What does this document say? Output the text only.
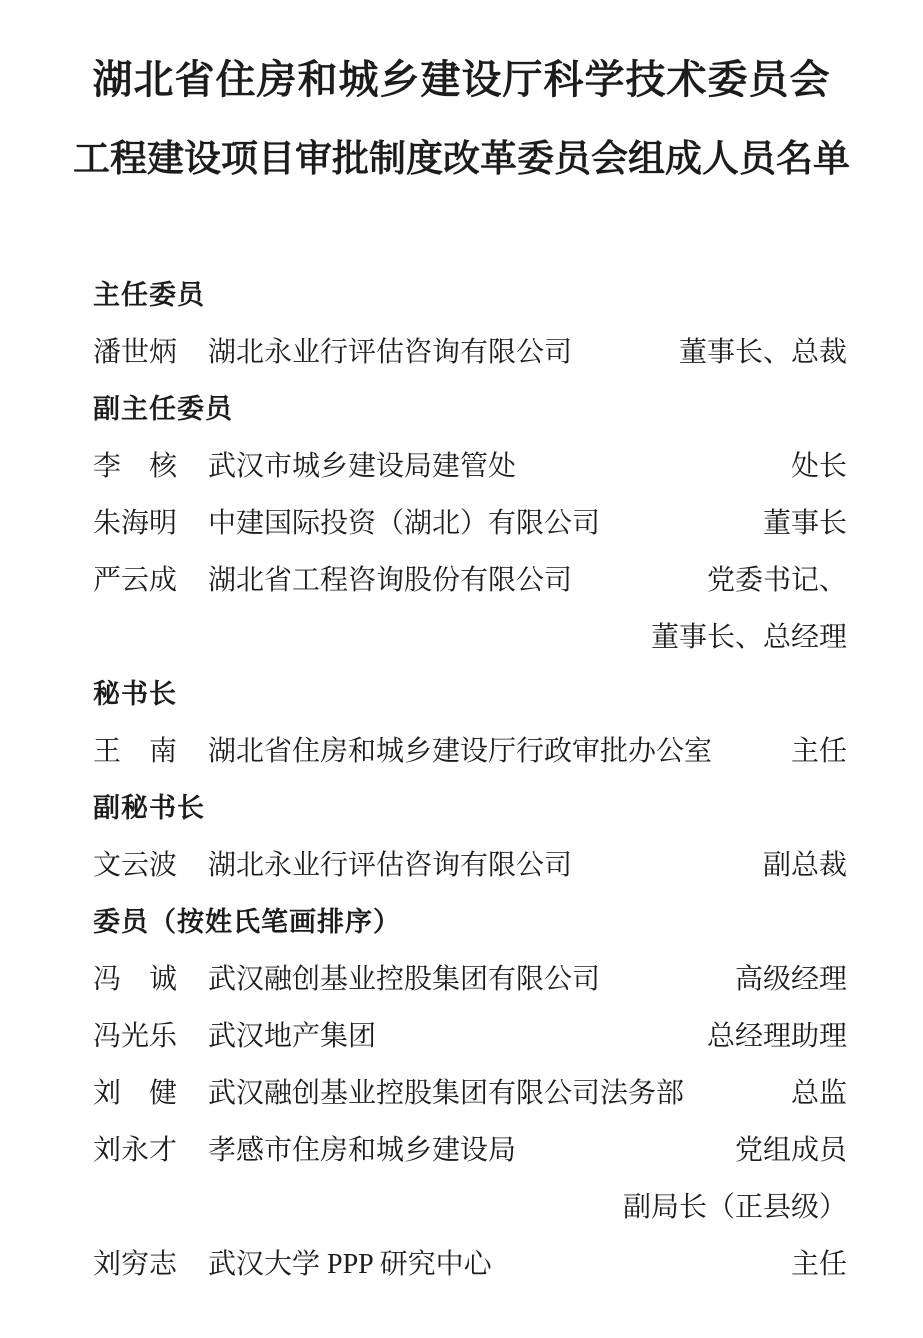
湖北省住房和城乡建设厅科学技术委员会
工程建设项目审批制度改革委员会组成人员名单
主任委员
潘世炳	湖北永业行评估咨询有限公司	董事长、总裁
副主任委员
李　核	武汉市城乡建设局建管处	处长
朱海明	中建国际投资（湖北）有限公司	董事长
严云成	湖北省工程咨询股份有限公司	党委书记、
董事长、总经理
秘书长
王　南	湖北省住房和城乡建设厅行政审批办公室	主任
副秘书长
文云波	湖北永业行评估咨询有限公司	副总裁
委员（按姓氏笔画排序）
冯　诚	武汉融创基业控股集团有限公司	高级经理
冯光乐	武汉地产集团	总经理助理
刘　健	武汉融创基业控股集团有限公司法务部	总监
刘永才	孝感市住房和城乡建设局	党组成员
副局长（正县级）
刘穷志	武汉大学 PPP 研究中心	主任
